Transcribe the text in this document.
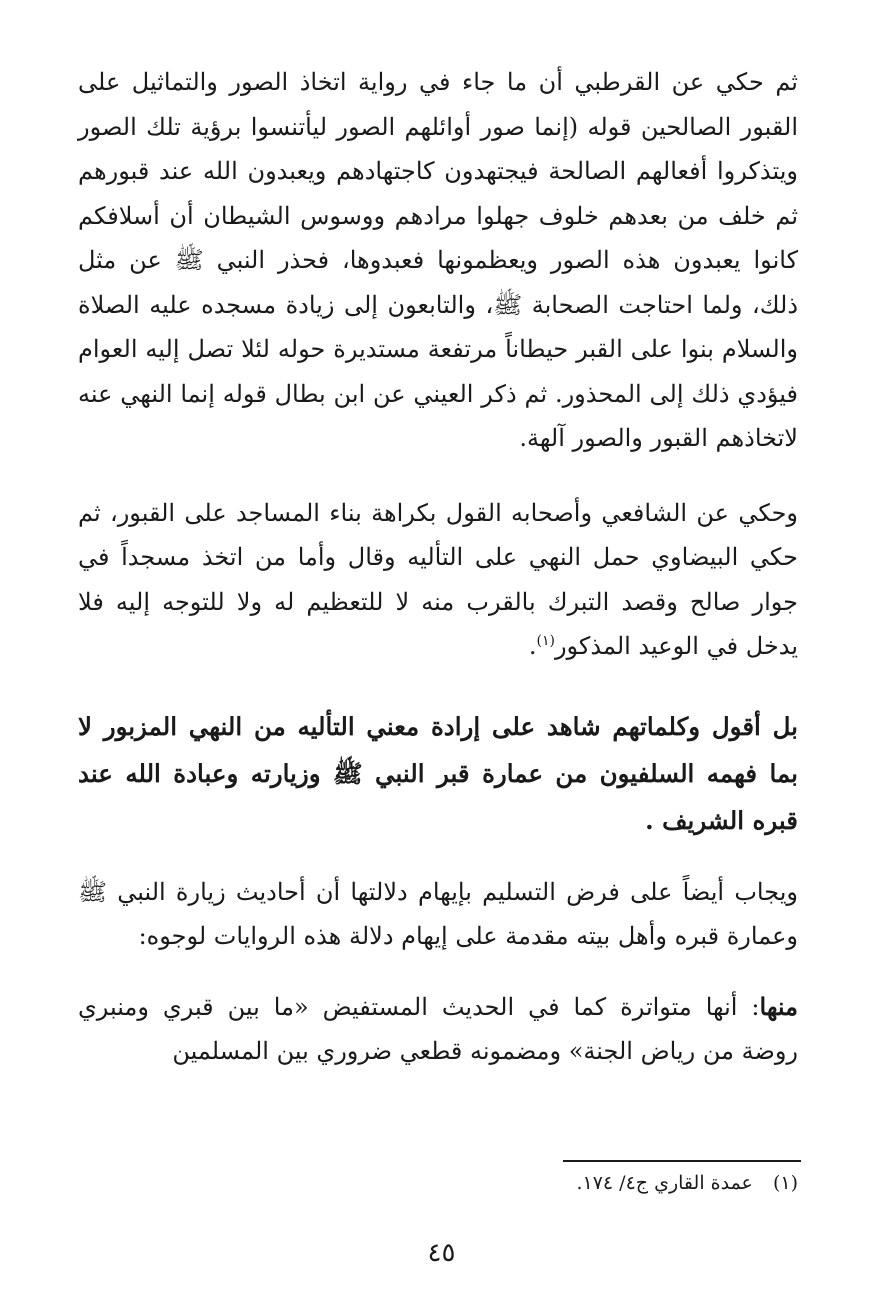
ثم حكي عن القرطبي أن ما جاء في رواية اتخاذ الصور والتماثيل على القبور الصالحين قوله (إنما صور أوائلهم الصور ليأتنسوا برؤية تلك الصور ويتذكروا أفعالهم الصالحة فيجتهدون كاجتهادهم ويعبدون الله عند قبورهم ثم خلف من بعدهم خلوف جهلوا مرادهم ووسوس الشيطان أن أسلافكم كانوا يعبدون هذه الصور ويعظمونها فعبدوها، فحذر النبي ﷺ عن مثل ذلك، ولما احتاجت الصحابة ﷺ، والتابعون إلى زيادة مسجده عليه الصلاة والسلام بنوا على القبر حيطاناً مرتفعة مستديرة حوله لئلا تصل إليه العوام فيؤدي ذلك إلى المحذور. ثم ذكر العيني عن ابن بطال قوله إنما النهي عنه لاتخاذهم القبور والصور آلهة.

وحكي عن الشافعي وأصحابه القول بكراهة بناء المساجد على القبور، ثم حكي البيضاوي حمل النهي على التأليه وقال وأما من اتخذ مسجداً في جوار صالح وقصد التبرك بالقرب منه لا للتعظيم له ولا للتوجه إليه فلا يدخل في الوعيد المذكور$^{(١)}$.

بل أقول وكلماتهم شاهد على إرادة معني التأليه من النهي المزبور لا بما فهمه السلفيون من عمارة قبر النبي ﷺ وزيارته وعبادة الله عند قبره الشريف .

ويجاب أيضاً على فرض التسليم بإيهام دلالتها أن أحاديث زيارة النبي ﷺ وعمارة قبره وأهل بيته مقدمة على إيهام دلالة هذه الروايات لوجوه:

منها: أنها متواترة كما في الحديث المستفيض «ما بين قبري ومنبري روضة من رياض الجنة» ومضمونه قطعي ضروري بين المسلمين

(١) عمدة القاري ج٤/ ١٧٤.
٤٥
